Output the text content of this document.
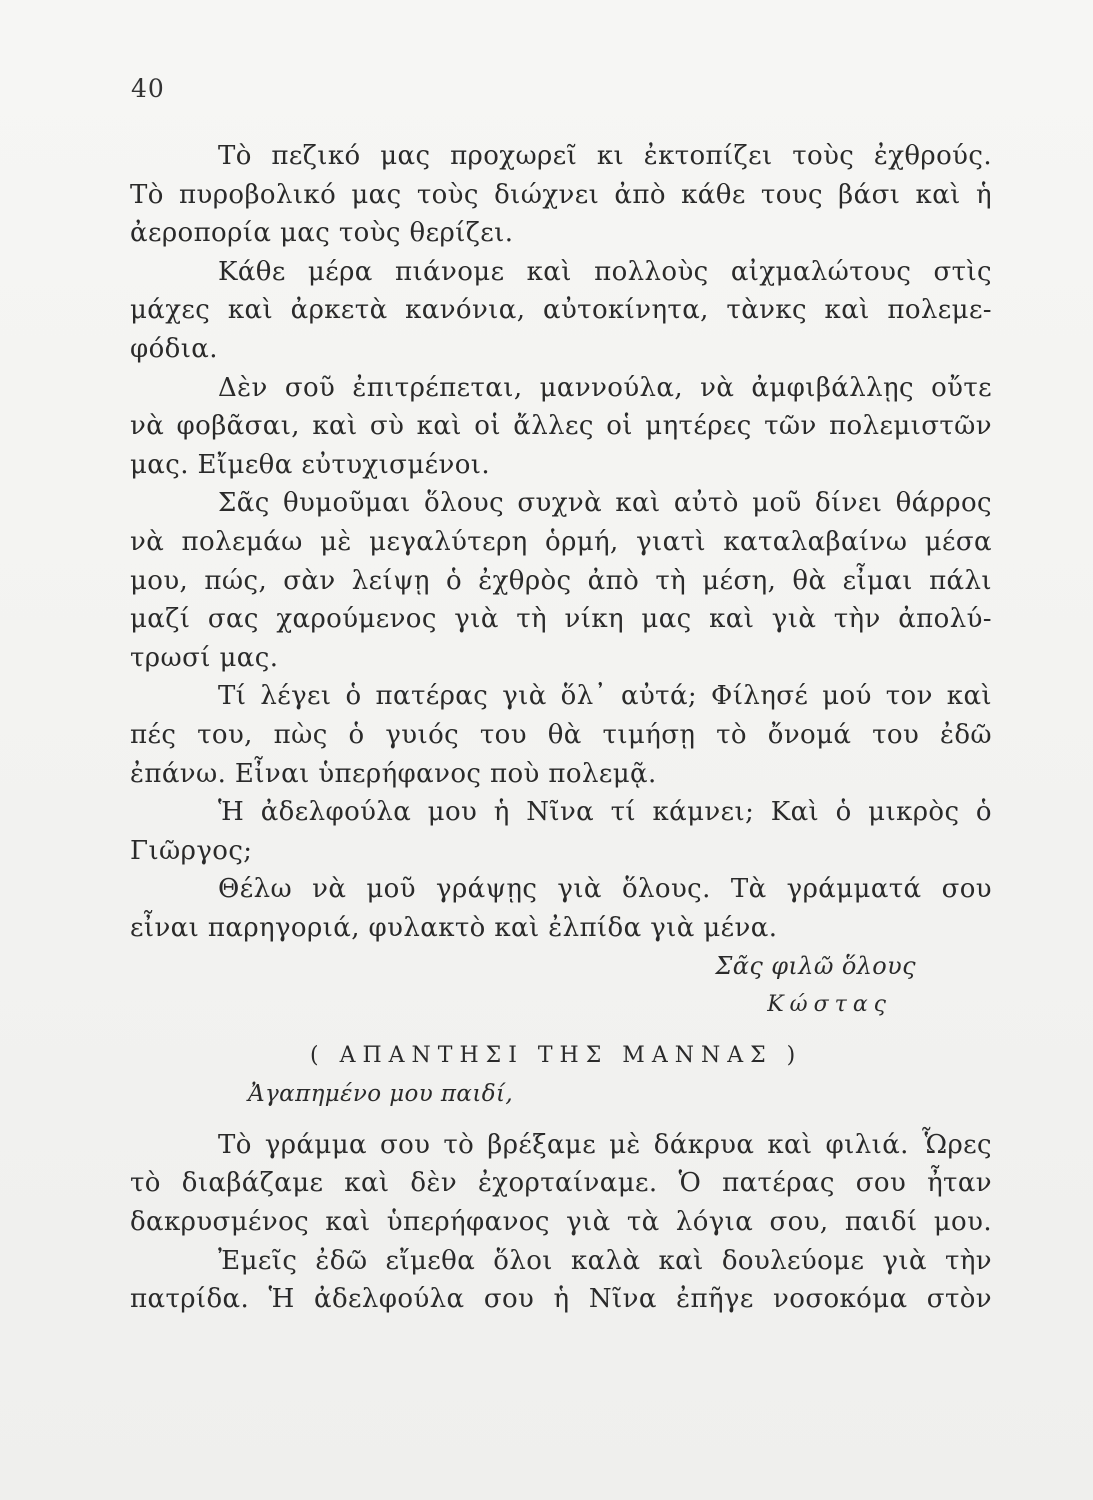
40
Τὸ πεζικό μας προχωρεῖ κι ἐκτοπίζει τοὺς ἐχθρούς.
Τὸ πυροβολικό μας τοὺς διώχνει ἀπὸ κάθε τους βάσι καὶ ἡ
ἀεροπορία μας τοὺς θερίζει.
Κάθε μέρα πιάνομε καὶ πολλοὺς αἰχμαλώτους στὶς
μάχες καὶ ἀρκετὰ κανόνια, αὐτοκίνητα, τὰνκς καὶ πολεμε-
φόδια.
Δὲν σοῦ ἐπιτρέπεται, μαννούλα, νὰ ἀμφιβάλλῃς οὔτε
νὰ φοβᾶσαι, καὶ σὺ καὶ οἱ ἄλλες οἱ μητέρες τῶν πολεμιστῶν
μας. Εἴμεθα εὐτυχισμένοι.
Σᾶς θυμοῦμαι ὅλους συχνὰ καὶ αὐτὸ μοῦ δίνει θάρρος
νὰ πολεμάω μὲ μεγαλύτερη ὁρμή, γιατὶ καταλαβαίνω μέσα
μου, πώς, σὰν λείψῃ ὁ ἐχθρὸς ἀπὸ τὴ μέση, θὰ εἶμαι πάλι
μαζί σας χαρούμενος γιὰ τὴ νίκη μας καὶ γιὰ τὴν ἀπολύ-
τρωσί μας.
Τί λέγει ὁ πατέρας γιὰ ὅλ᾽ αὐτά; Φίλησέ μού τον καὶ
πές του, πὼς ὁ γυιός του θὰ τιμήσῃ τὸ ὄνομά του ἐδῶ
ἐπάνω. Εἶναι ὑπερήφανος ποὺ πολεμᾷ.
Ἡ ἀδελφούλα μου ἡ Νῖνα τί κάμνει; Καὶ ὁ μικρὸς ὁ
Γιῶργος;
Θέλω νὰ μοῦ γράψῃς γιὰ ὅλους. Τὰ γράμματά σου
εἶναι παρηγοριά, φυλακτὸ καὶ ἐλπίδα γιὰ μένα.
Σᾶς φιλῶ ὅλους
Κώστας
( ΑΠΑΝΤΗΣΙ ΤΗΣ ΜΑΝΝΑΣ )
Ἀγαπημένο μου παιδί,
Τὸ γράμμα σου τὸ βρέξαμε μὲ δάκρυα καὶ φιλιά. Ὧρες
τὸ διαβάζαμε καὶ δὲν ἐχορταίναμε. Ὁ πατέρας σου ἦταν
δακρυσμένος καὶ ὑπερήφανος γιὰ τὰ λόγια σου, παιδί μου.
Ἐμεῖς ἐδῶ εἴμεθα ὅλοι καλὰ καὶ δουλεύομε γιὰ τὴν
πατρίδα. Ἡ ἀδελφούλα σου ἡ Νῖνα ἐπῆγε νοσοκόμα στὸν
